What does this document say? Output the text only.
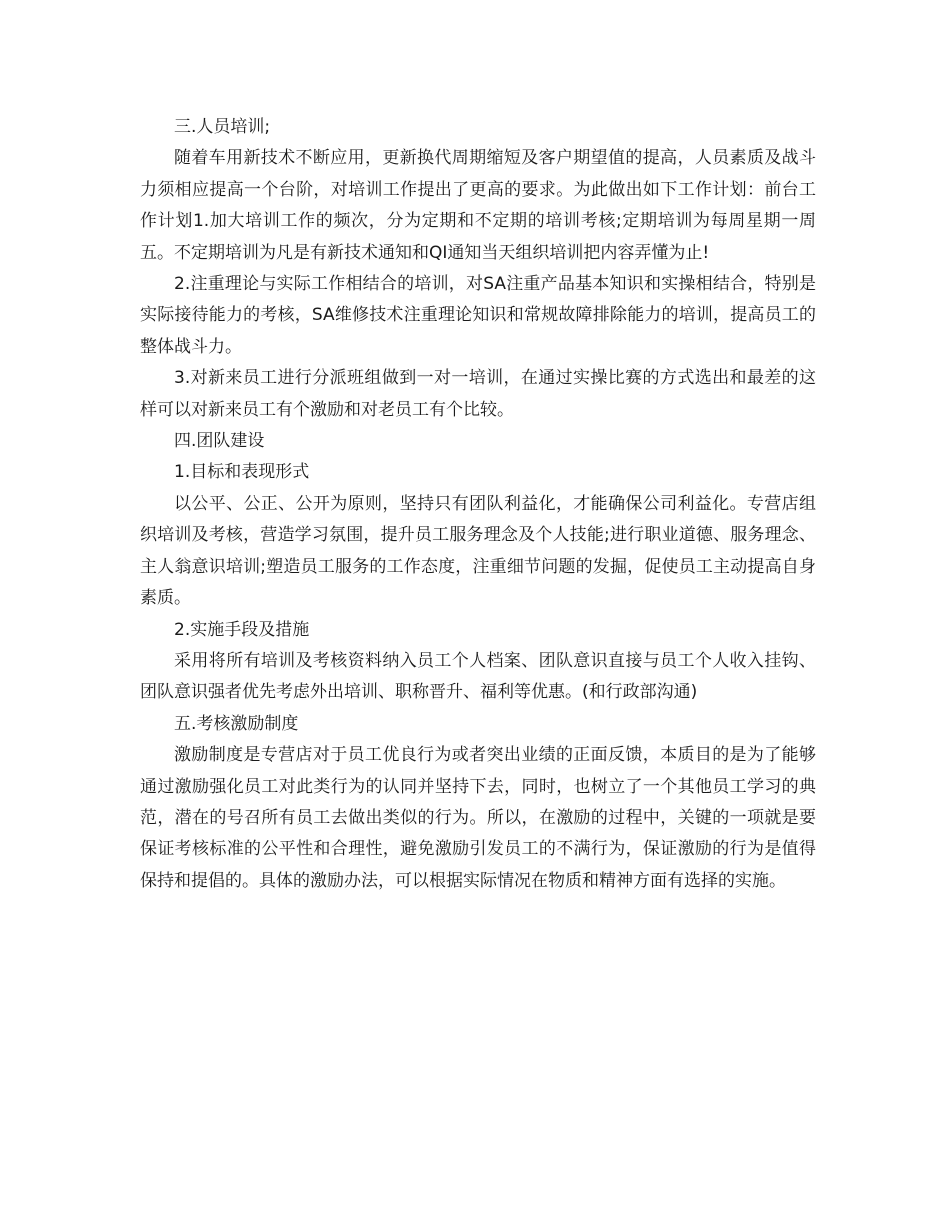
三.人员培训;

随着车用新技术不断应用，更新换代周期缩短及客户期望值的提高，人员素质及战斗力须相应提高一个台阶，对培训工作提出了更高的要求。为此做出如下工作计划：前台工作计划1.加大培训工作的频次，分为定期和不定期的培训考核;定期培训为每周星期一周五。不定期培训为凡是有新技术通知和QI通知当天组织培训把内容弄懂为止!

2.注重理论与实际工作相结合的培训，对SA注重产品基本知识和实操相结合，特别是实际接待能力的考核，SA维修技术注重理论知识和常规故障排除能力的培训，提高员工的整体战斗力。

3.对新来员工进行分派班组做到一对一培训，在通过实操比赛的方式选出和最差的这样可以对新来员工有个激励和对老员工有个比较。

四.团队建设

1.目标和表现形式

以公平、公正、公开为原则，坚持只有团队利益化，才能确保公司利益化。专营店组织培训及考核，营造学习氛围，提升员工服务理念及个人技能;进行职业道德、服务理念、主人翁意识培训;塑造员工服务的工作态度，注重细节问题的发掘，促使员工主动提高自身素质。

2.实施手段及措施

采用将所有培训及考核资料纳入员工个人档案、团队意识直接与员工个人收入挂钩、团队意识强者优先考虑外出培训、职称晋升、福利等优惠。(和行政部沟通)

五.考核激励制度

激励制度是专营店对于员工优良行为或者突出业绩的正面反馈，本质目的是为了能够通过激励强化员工对此类行为的认同并坚持下去，同时，也树立了一个其他员工学习的典范，潜在的号召所有员工去做出类似的行为。所以，在激励的过程中，关键的一项就是要保证考核标准的公平性和合理性，避免激励引发员工的不满行为，保证激励的行为是值得保持和提倡的。具体的激励办法，可以根据实际情况在物质和精神方面有选择的实施。
